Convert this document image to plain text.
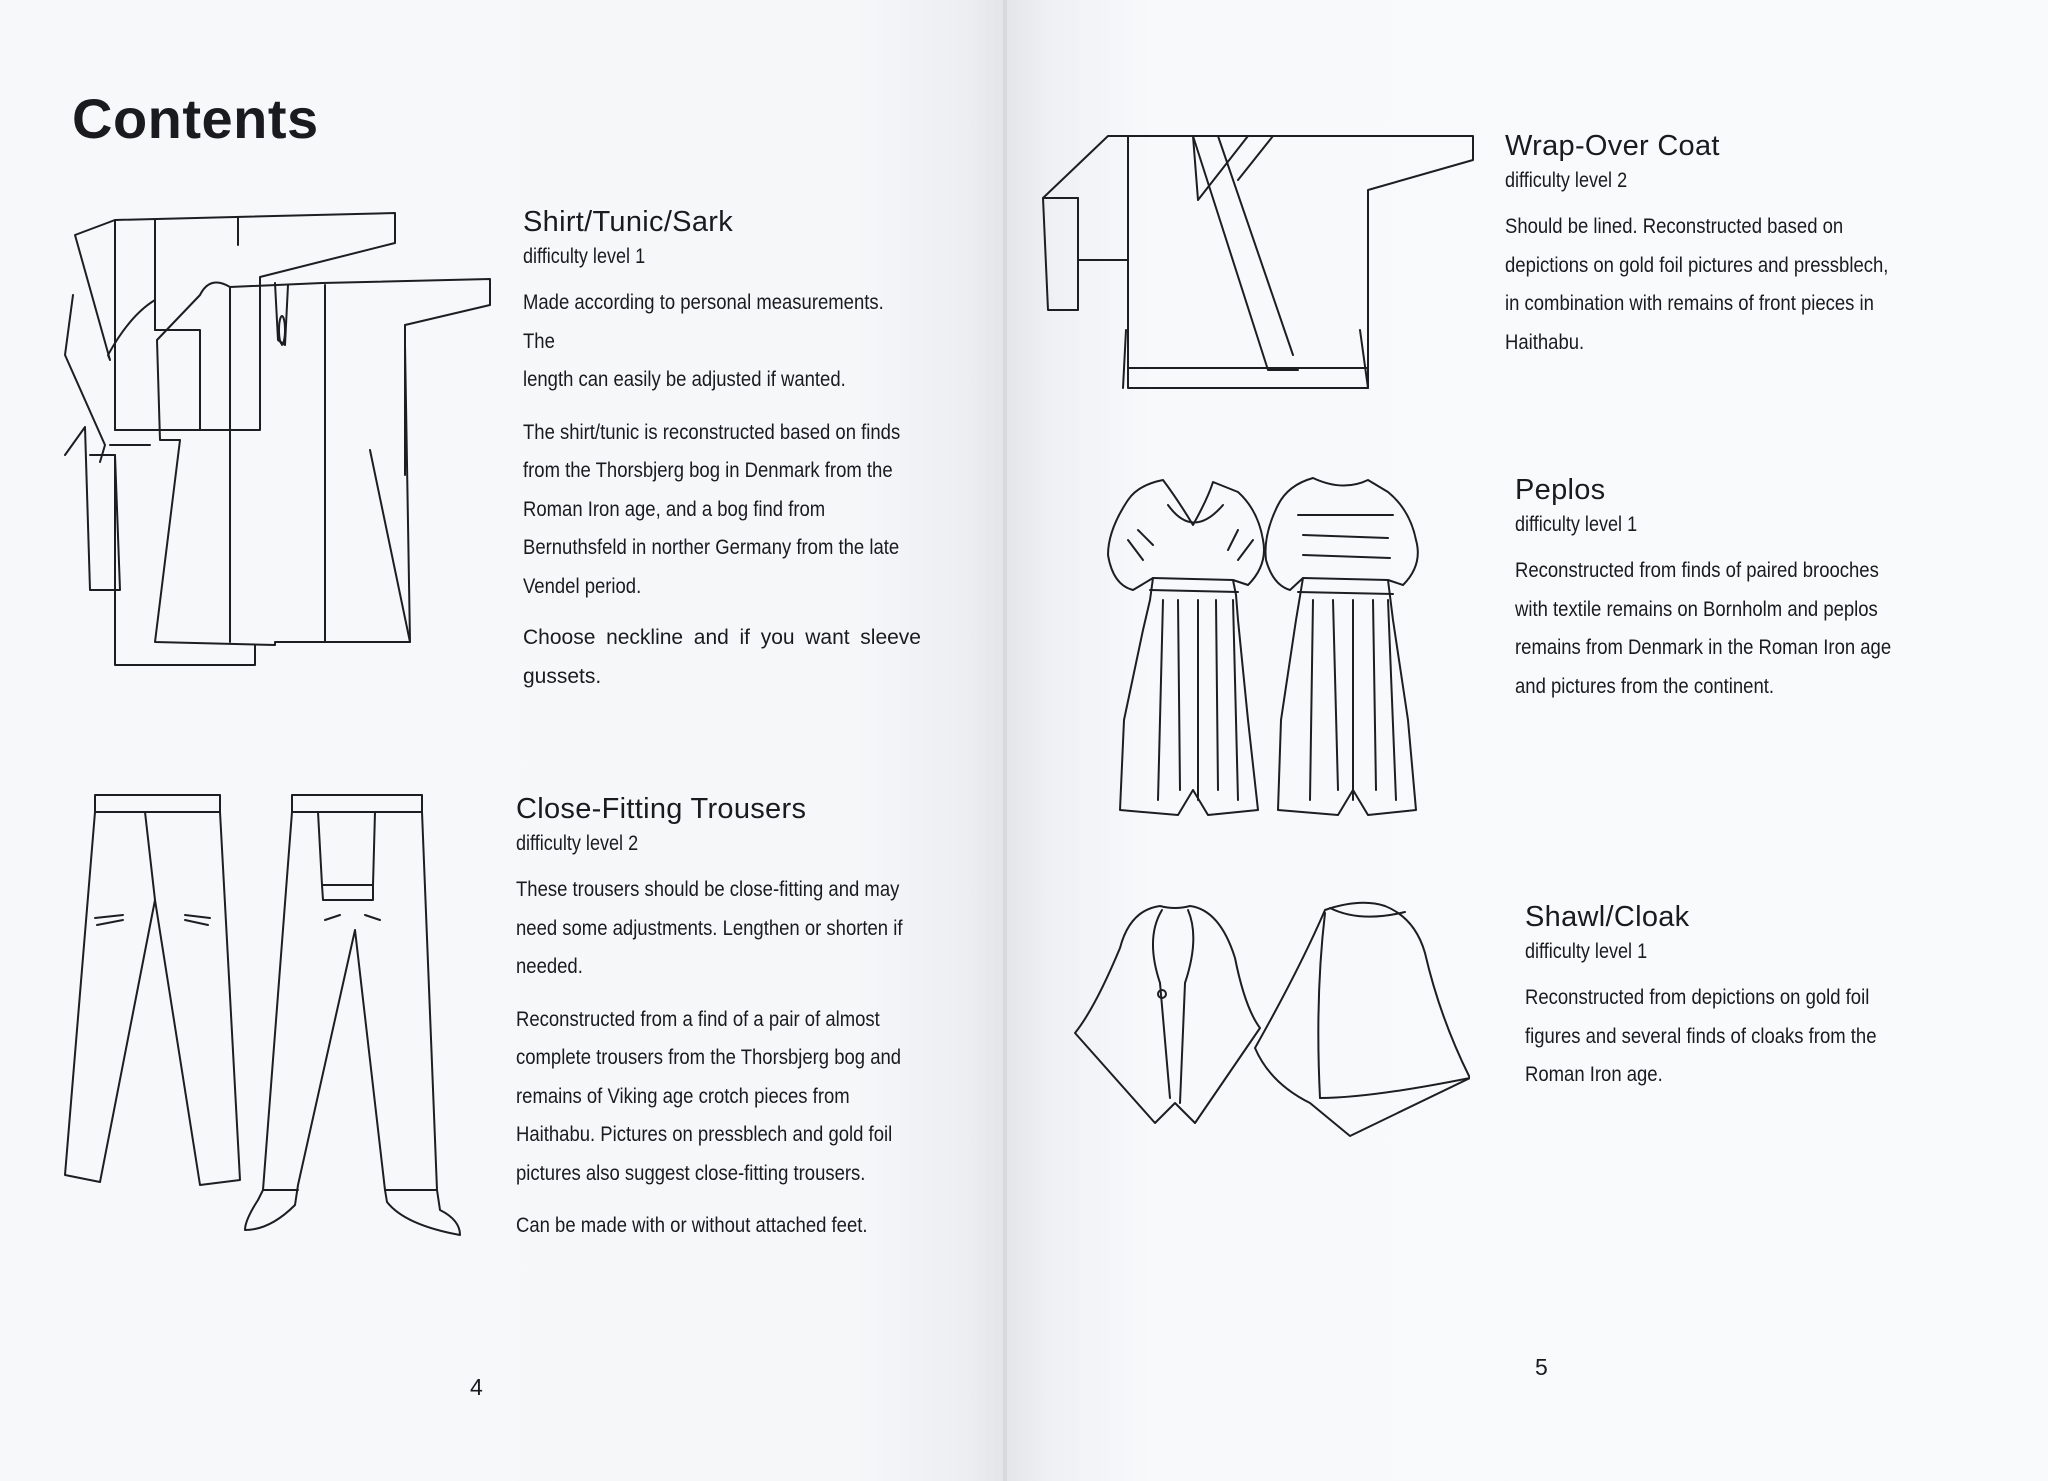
Contents
Shirt/Tunic/Sark
difficulty level 1

Made according to personal measurements. The
length can easily be adjusted if wanted.

The shirt/tunic is reconstructed based on finds
from the Thorsbjerg bog in Denmark from the
Roman Iron age, and a bog find from
Bernuthsfeld in norther Germany from the late
Vendel period.

Choose neckline and if you want sleeve gussets.

Close-Fitting Trousers
difficulty level 2

These trousers should be close-fitting and may
need some adjustments. Lengthen or shorten if
needed.

Reconstructed from a find of a pair of almost
complete trousers from the Thorsbjerg bog and
remains of Viking age crotch pieces from
Haithabu. Pictures on pressblech and gold foil
pictures also suggest close-fitting trousers.

Can be made with or without attached feet.

4
Wrap-Over Coat
difficulty level 2

Should be lined. Reconstructed based on
depictions on gold foil pictures and pressblech,
in combination with remains of front pieces in
Haithabu.

Peplos
difficulty level 1

Reconstructed from finds of paired brooches
with textile remains on Bornholm and peplos
remains from Denmark in the Roman Iron age
and pictures from the continent.

Shawl/Cloak
difficulty level 1

Reconstructed from depictions on gold foil
figures and several finds of cloaks from the
Roman Iron age.

5
